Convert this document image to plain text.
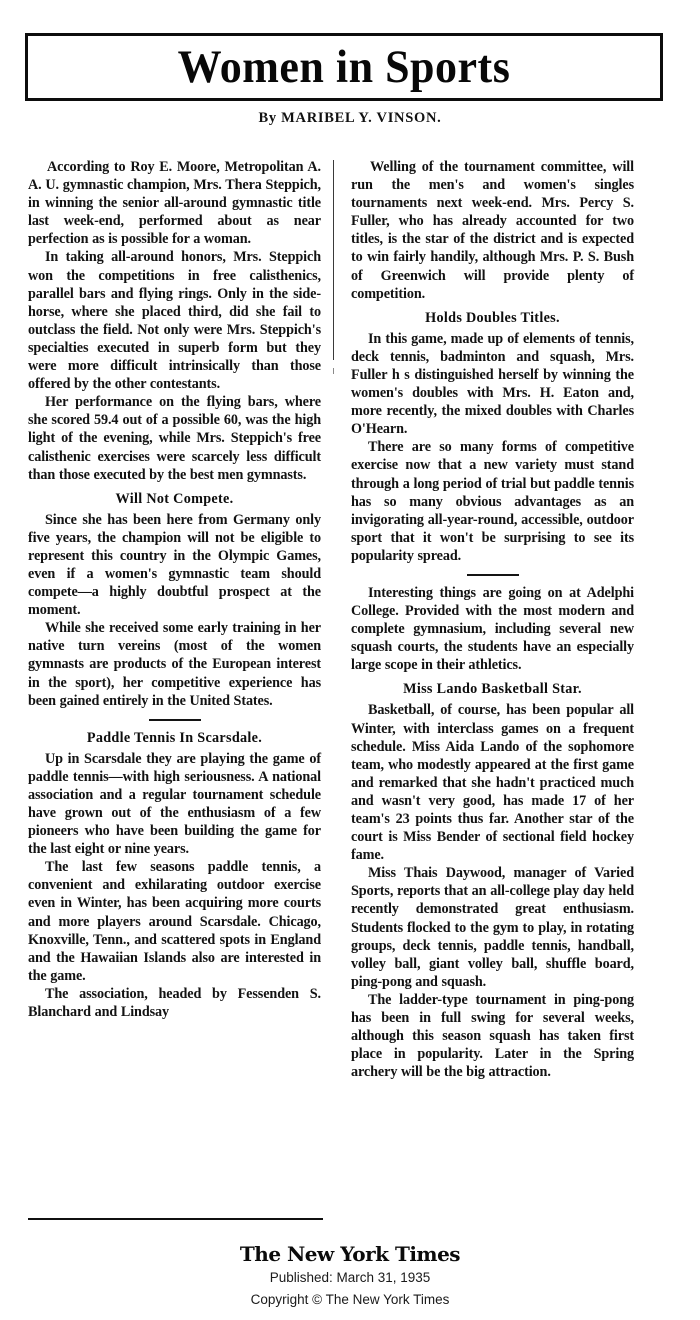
Women in Sports
By MARIBEL Y. VINSON.

According to Roy E. Moore, Metropolitan A. A. U. gymnastic champion, Mrs. Thera Steppich, in winning the senior all-around gymnastic title last week-end, performed about as near perfection as is possible for a woman.

In taking all-around honors, Mrs. Steppich won the competitions in free calisthenics, parallel bars and flying rings. Only in the side-horse, where she placed third, did she fail to outclass the field. Not only were Mrs. Steppich's specialties executed in superb form but they were more difficult intrinsically than those offered by the other contestants.

Her performance on the flying bars, where she scored 59.4 out of a possible 60, was the high light of the evening, while Mrs. Steppich's free calisthenic exercises were scarcely less difficult than those executed by the best men gymnasts.

Will Not Compete.

Since she has been here from Germany only five years, the champion will not be eligible to represent this country in the Olympic Games, even if a women's gymnastic team should compete—a highly doubtful prospect at the moment.

While she received some early training in her native turn vereins (most of the women gymnasts are products of the European interest in the sport), her competitive experience has been gained entirely in the United States.

Paddle Tennis In Scarsdale.

Up in Scarsdale they are playing the game of paddle tennis—with high seriousness. A national association and a regular tournament schedule have grown out of the enthusiasm of a few pioneers who have been building the game for the last eight or nine years.

The last few seasons paddle tennis, a convenient and exhilarating outdoor exercise even in Winter, has been acquiring more courts and more players around Scarsdale. Chicago, Knoxville, Tenn., and scattered spots in England and the Hawaiian Islands also are interested in the game.

The association, headed by Fessenden S. Blanchard and Lindsay

Welling of the tournament committee, will run the men's and women's singles tournaments next week-end. Mrs. Percy S. Fuller, who has already accounted for two titles, is the star of the district and is expected to win fairly handily, although Mrs. P. S. Bush of Greenwich will provide plenty of competition.

Holds Doubles Titles.

In this game, made up of elements of tennis, deck tennis, badminton and squash, Mrs. Fuller h s distinguished herself by winning the women's doubles with Mrs. H. Eaton and, more recently, the mixed doubles with Charles O'Hearn.

There are so many forms of competitive exercise now that a new variety must stand through a long period of trial but paddle tennis has so many obvious advantages as an invigorating all-year-round, accessible, outdoor sport that it won't be surprising to see its popularity spread.

Interesting things are going on at Adelphi College. Provided with the most modern and complete gymnasium, including several new squash courts, the students have an especially large scope in their athletics.

Miss Lando Basketball Star.

Basketball, of course, has been popular all Winter, with interclass games on a frequent schedule. Miss Aida Lando of the sophomore team, who modestly appeared at the first game and remarked that she hadn't practiced much and wasn't very good, has made 17 of her team's 23 points thus far. Another star of the court is Miss Bender of sectional field hockey fame.

Miss Thais Daywood, manager of Varied Sports, reports that an all-college play day held recently demonstrated great enthusiasm. Students flocked to the gym to play, in rotating groups, deck tennis, paddle tennis, handball, volley ball, giant volley ball, shuffle board, ping-pong and squash.

The ladder-type tournament in ping-pong has been in full swing for several weeks, although this season squash has taken first place in popularity. Later in the Spring archery will be the big attraction.

The New York Times
Published: March 31, 1935
Copyright © The New York Times
